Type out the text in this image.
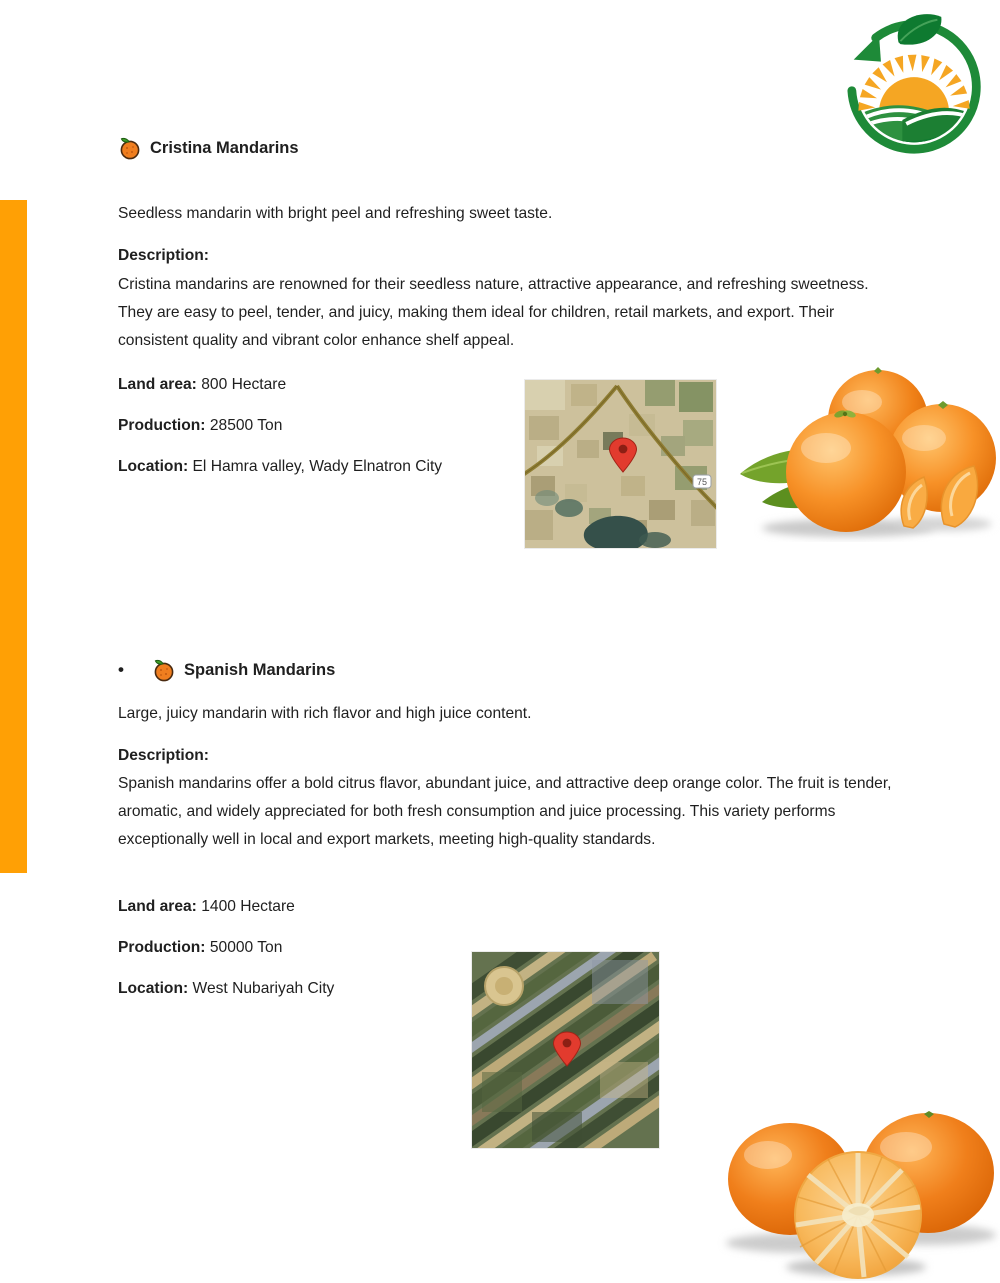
Cristina Mandarins
Seedless mandarin with bright peel and refreshing sweet taste.
Description:
Cristina mandarins are renowned for their seedless nature, attractive appearance, and refreshing sweetness. They are easy to peel, tender, and juicy, making them ideal for children, retail markets, and export. Their consistent quality and vibrant color enhance shelf appeal.
Land area: 800 Hectare
Production: 28500 Ton
Location: El Hamra valley, Wady Elnatron City
75
•	Spanish Mandarins
Large, juicy mandarin with rich flavor and high juice content.
Description:
Spanish mandarins offer a bold citrus flavor, abundant juice, and attractive deep orange color. The fruit is tender, aromatic, and widely appreciated for both fresh consumption and juice processing. This variety performs exceptionally well in local and export markets, meeting high-quality standards.
Land area: 1400 Hectare
Production: 50000 Ton
Location: West Nubariyah City
